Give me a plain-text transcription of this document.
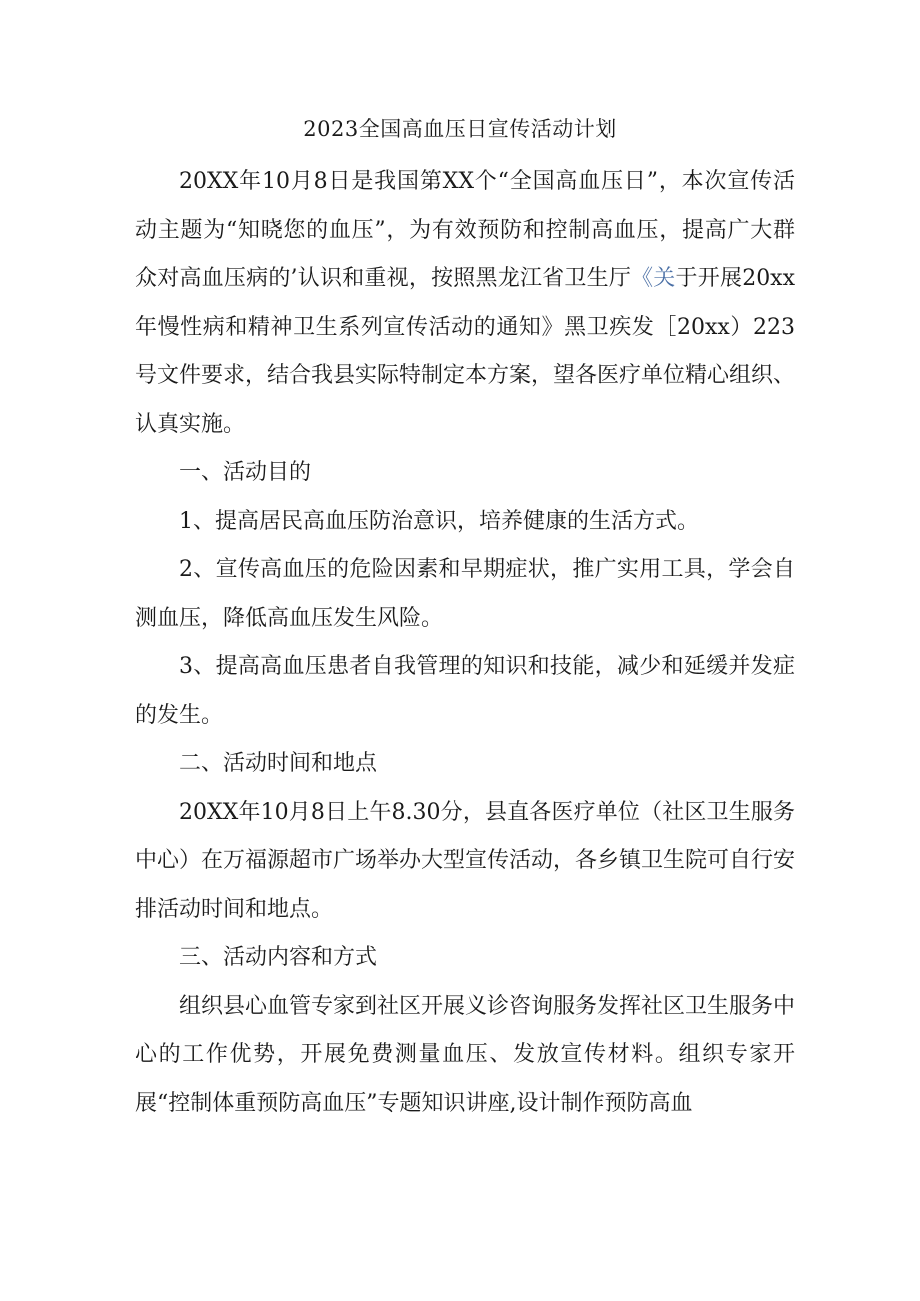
2023全国高血压日宣传活动计划

20XX年10月8日是我国第XX个“全国高血压日”，本次宣传活动主题为“知晓您的血压”，为有效预防和控制高血压，提高广大群众对高血压病的’认识和重视，按照黑龙江省卫生厅《关于开展20xx年慢性病和精神卫生系列宣传活动的通知》黑卫疾发［20xx）223号文件要求，结合我县实际特制定本方案，望各医疗单位精心组织、认真实施。

一、活动目的

1、提高居民高血压防治意识，培养健康的生活方式。

2、宣传高血压的危险因素和早期症状，推广实用工具，学会自测血压，降低高血压发生风险。

3、提高高血压患者自我管理的知识和技能，减少和延缓并发症的发生。

二、活动时间和地点

20XX年10月8日上午8.30分，县直各医疗单位（社区卫生服务中心）在万福源超市广场举办大型宣传活动，各乡镇卫生院可自行安排活动时间和地点。

三、活动内容和方式

组织县心血管专家到社区开展义诊咨询服务发挥社区卫生服务中心的工作优势，开展免费测量血压、发放宣传材料。组织专家开展“控制体重预防高血压”专题知识讲座,设计制作预防高血
